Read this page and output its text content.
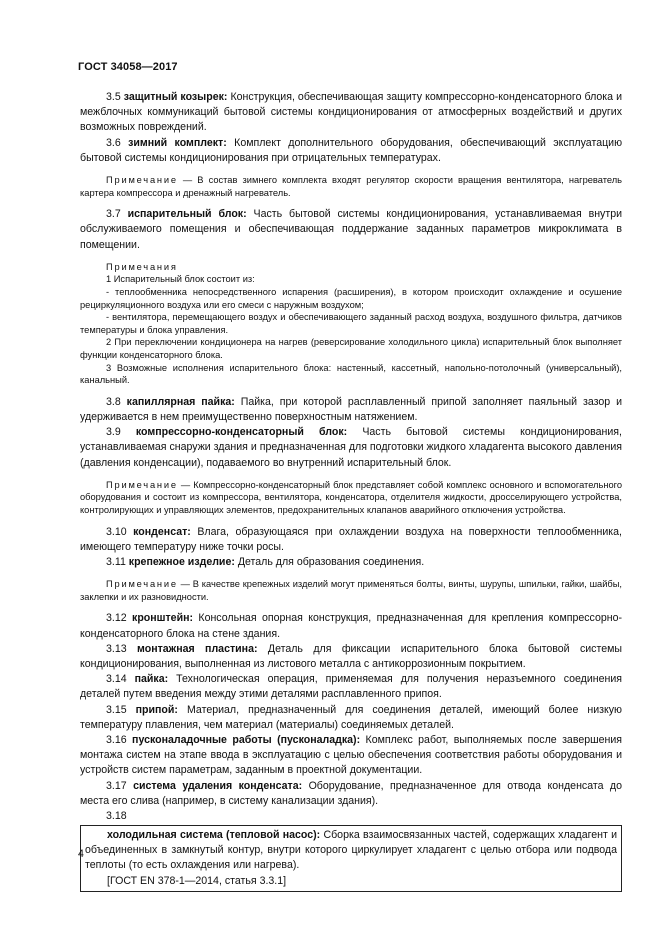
ГОСТ 34058—2017

3.5 защитный козырек: Конструкция, обеспечивающая защиту компрессорно-конденсаторного блока и межблочных коммуникаций бытовой системы кондиционирования от атмосферных воздействий и других возможных повреждений.

3.6 зимний комплект: Комплект дополнительного оборудования, обеспечивающий эксплуатацию бытовой системы кондиционирования при отрицательных температурах.

Примечание — В состав зимнего комплекта входят регулятор скорости вращения вентилятора, нагреватель картера компрессора и дренажный нагреватель.

3.7 испарительный блок: Часть бытовой системы кондиционирования, устанавливаемая внутри обслуживаемого помещения и обеспечивающая поддержание заданных параметров микроклимата в помещении.

Примечания

1 Испарительный блок состоит из:

- теплообменника непосредственного испарения (расширения), в котором происходит охлаждение и осушение рециркуляционного воздуха или его смеси с наружным воздухом;

- вентилятора, перемещающего воздух и обеспечивающего заданный расход воздуха, воздушного фильтра, датчиков температуры и блока управления.

2 При переключении кондиционера на нагрев (реверсирование холодильного цикла) испарительный блок выполняет функции конденсаторного блока.

3 Возможные исполнения испарительного блока: настенный, кассетный, напольно-потолочный (универсальный), канальный.

3.8 капиллярная пайка: Пайка, при которой расплавленный припой заполняет паяльный зазор и удерживается в нем преимущественно поверхностным натяжением.

3.9 компрессорно-конденсаторный блок: Часть бытовой системы кондиционирования, устанавливаемая снаружи здания и предназначенная для подготовки жидкого хладагента высокого давления (давления конденсации), подаваемого во внутренний испарительный блок.

Примечание — Компрессорно-конденсаторный блок представляет собой комплекс основного и вспомогательного оборудования и состоит из компрессора, вентилятора, конденсатора, отделителя жидкости, дросселирующего устройства, контролирующих и управляющих элементов, предохранительных клапанов аварийного отключения устройства.

3.10 конденсат: Влага, образующаяся при охлаждении воздуха на поверхности теплообменника, имеющего температуру ниже точки росы.

3.11 крепежное изделие: Деталь для образования соединения.

Примечание — В качестве крепежных изделий могут применяться болты, винты, шурупы, шпильки, гайки, шайбы, заклепки и их разновидности.

3.12 кронштейн: Консольная опорная конструкция, предназначенная для крепления компрессорно-конденсаторного блока на стене здания.

3.13 монтажная пластина: Деталь для фиксации испарительного блока бытовой системы кондиционирования, выполненная из листового металла с антикоррозионным покрытием.

3.14 пайка: Технологическая операция, применяемая для получения неразъемного соединения деталей путем введения между этими деталями расплавленного припоя.

3.15 припой: Материал, предназначенный для соединения деталей, имеющий более низкую температуру плавления, чем материал (материалы) соединяемых деталей.

3.16 пусконаладочные работы (пусконаладка): Комплекс работ, выполняемых после завершения монтажа систем на этапе ввода в эксплуатацию с целью обеспечения соответствия работы оборудования и устройств систем параметрам, заданным в проектной документации.

3.17 система удаления конденсата: Оборудование, предназначенное для отвода конденсата до места его слива (например, в систему канализации здания).

3.18

холодильная система (тепловой насос): Сборка взаимосвязанных частей, содержащих хладагент и объединенных в замкнутый контур, внутри которого циркулирует хладагент с целью отбора или подвода теплоты (то есть охлаждения или нагрева).

[ГОСТ EN 378-1—2014, статья 3.3.1]
4
